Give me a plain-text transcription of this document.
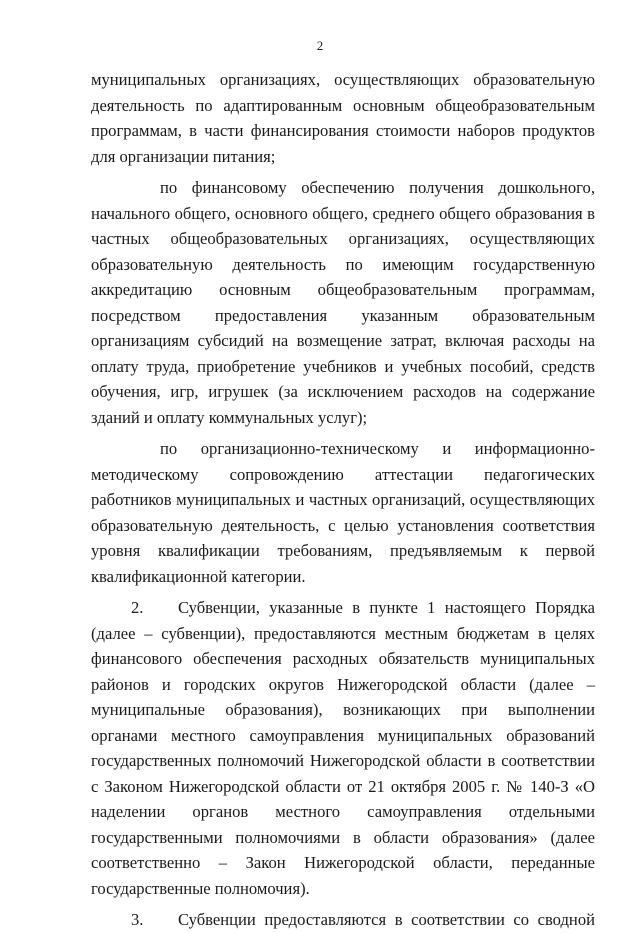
2

муниципальных организациях, осуществляющих образовательную деятельность по адаптированным основным общеобразовательным программам, в части финансирования стоимости наборов продуктов для организации питания;

по финансовому обеспечению получения дошкольного, начального общего, основного общего, среднего общего образования в частных общеобразовательных организациях, осуществляющих образовательную деятельность по имеющим государственную аккредитацию основным общеобразовательным программам, посредством предоставления указанным образовательным организациям субсидий на возмещение затрат, включая расходы на оплату труда, приобретение учебников и учебных пособий, средств обучения, игр, игрушек (за исключением расходов на содержание зданий и оплату коммунальных услуг);

по организационно-техническому и информационно-методическому сопровождению аттестации педагогических работников муниципальных и частных организаций, осуществляющих образовательную деятельность, с целью установления соответствия уровня квалификации требованиям, предъявляемым к первой квалификационной категории.

2. Субвенции, указанные в пункте 1 настоящего Порядка (далее – субвенции), предоставляются местным бюджетам в целях финансового обеспечения расходных обязательств муниципальных районов и городских округов Нижегородской области (далее – муниципальные образования), возникающих при выполнении органами местного самоуправления муниципальных образований государственных полномочий Нижегородской области в соответствии с Законом Нижегородской области от 21 октября 2005 г. № 140-З «О наделении органов местного самоуправления отдельными государственными полномочиями в области образования» (далее соответственно – Закон Нижегородской области, переданные государственные полномочия).

3. Субвенции предоставляются в соответствии со сводной
